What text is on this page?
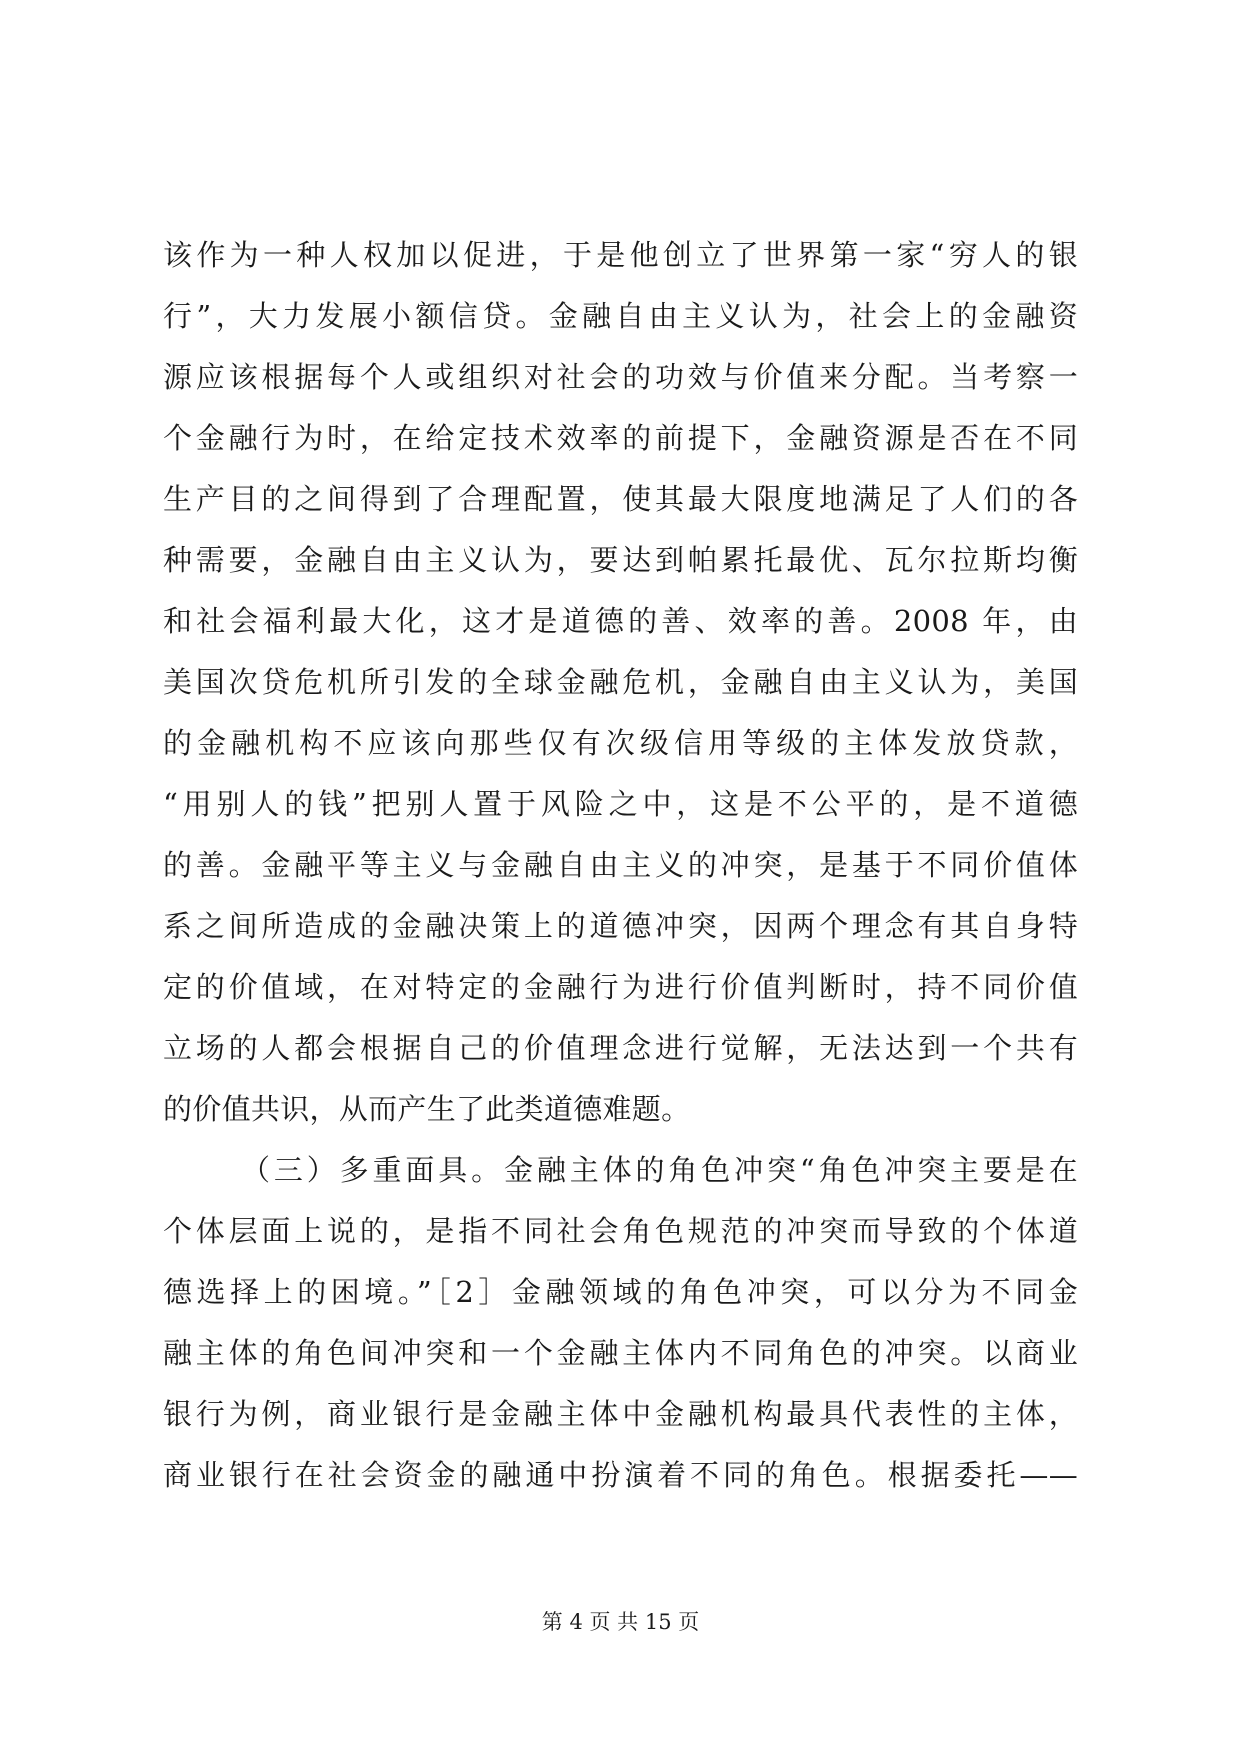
该作为一种人权加以促进，于是他创立了世界第一家“穷人的银
行”，大力发展小额信贷。金融自由主义认为，社会上的金融资
源应该根据每个人或组织对社会的功效与价值来分配。当考察一
个金融行为时，在给定技术效率的前提下，金融资源是否在不同
生产目的之间得到了合理配置，使其最大限度地满足了人们的各
种需要，金融自由主义认为，要达到帕累托最优、瓦尔拉斯均衡
和社会福利最大化，这才是道德的善、效率的善。2008 年，由
美国次贷危机所引发的全球金融危机，金融自由主义认为，美国
的金融机构不应该向那些仅有次级信用等级的主体发放贷款，
“用别人的钱”把别人置于风险之中，这是不公平的，是不道德
的善。金融平等主义与金融自由主义的冲突，是基于不同价值体
系之间所造成的金融决策上的道德冲突，因两个理念有其自身特
定的价值域，在对特定的金融行为进行价值判断时，持不同价值
立场的人都会根据自己的价值理念进行觉解，无法达到一个共有
的价值共识，从而产生了此类道德难题。
（三）多重面具。金融主体的角色冲突“角色冲突主要是在
个体层面上说的，是指不同社会角色规范的冲突而导致的个体道
德选择上的困境。”［2］金融领域的角色冲突，可以分为不同金
融主体的角色间冲突和一个金融主体内不同角色的冲突。以商业
银行为例，商业银行是金融主体中金融机构最具代表性的主体，
商业银行在社会资金的融通中扮演着不同的角色。根据委托——
第 4 页 共 15 页
